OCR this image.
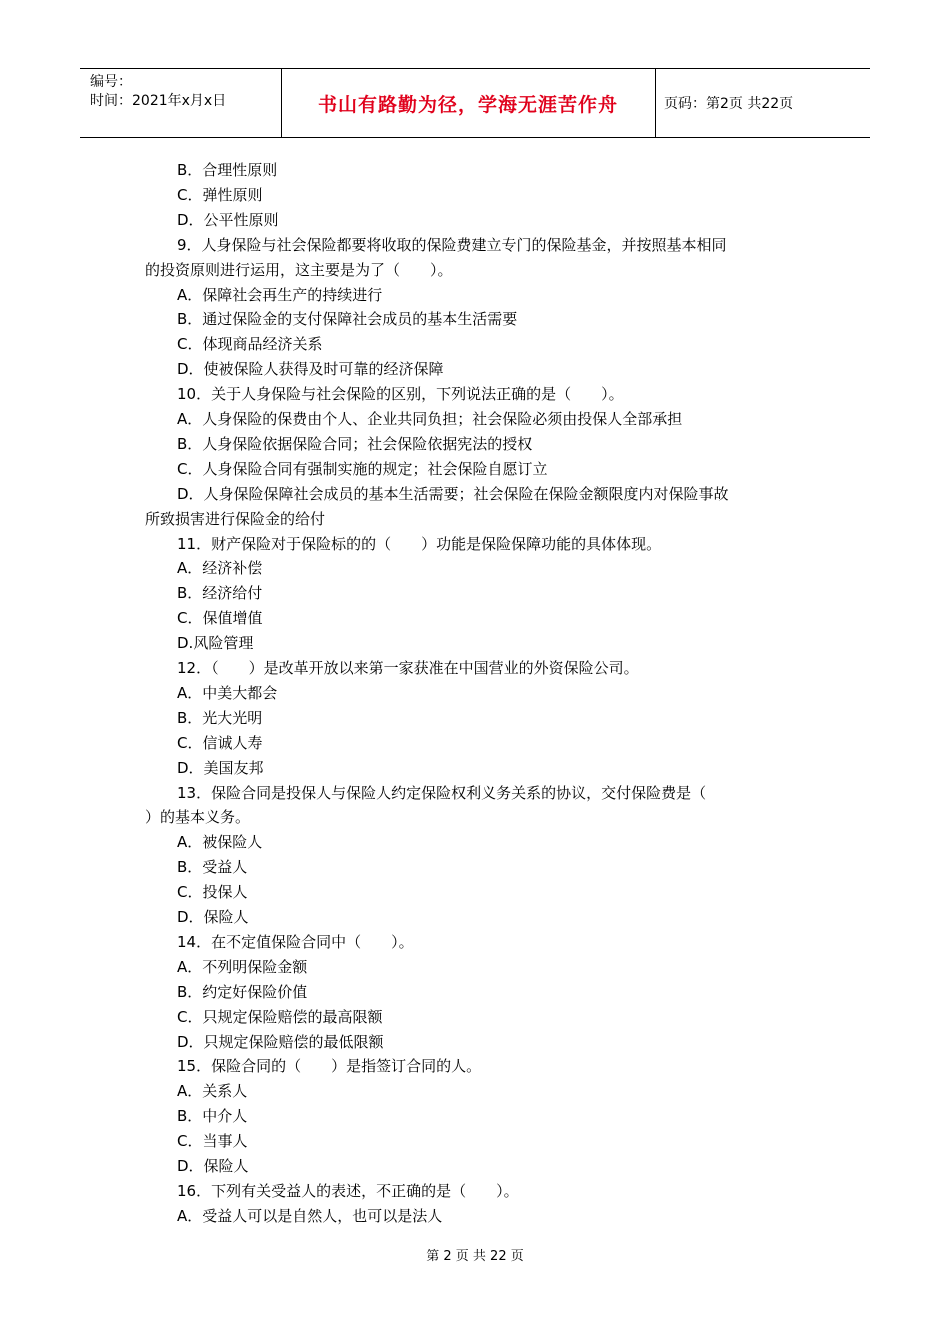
编号：
时间：2021年x月x日	书山有路勤为径，学海无涯苦作舟	页码：第2页 共22页
B．合理性原则
C．弹性原则
D．公平性原则
9．人身保险与社会保险都要将收取的保险费建立专门的保险基金，并按照基本相同
的投资原则进行运用，这主要是为了（　　）。
A．保障社会再生产的持续进行
B．通过保险金的支付保障社会成员的基本生活需要
C．体现商品经济关系
D．使被保险人获得及时可靠的经济保障
10．关于人身保险与社会保险的区别，下列说法正确的是（　　）。
A．人身保险的保费由个人、企业共同负担；社会保险必须由投保人全部承担
B．人身保险依据保险合同；社会保险依据宪法的授权
C．人身保险合同有强制实施的规定；社会保险自愿订立
D．人身保险保障社会成员的基本生活需要；社会保险在保险金额限度内对保险事故
所致损害进行保险金的给付
11．财产保险对于保险标的的（　　）功能是保险保障功能的具体体现。
A．经济补偿
B．经济给付
C．保值增值
D.风险管理
12．（　　）是改革开放以来第一家获准在中国营业的外资保险公司。
A．中美大都会
B．光大光明
C．信诚人寿
D．美国友邦
13．保险合同是投保人与保险人约定保险权利义务关系的协议，交付保险费是（
）的基本义务。
A．被保险人
B．受益人
C．投保人
D．保险人
14．在不定值保险合同中（　　）。
A．不列明保险金额
B．约定好保险价值
C．只规定保险赔偿的最高限额
D．只规定保险赔偿的最低限额
15．保险合同的（　　）是指签订合同的人。
A．关系人
B．中介人
C．当事人
D．保险人
16．下列有关受益人的表述，不正确的是（　　）。
A．受益人可以是自然人，也可以是法人
第 2 页 共 22 页
